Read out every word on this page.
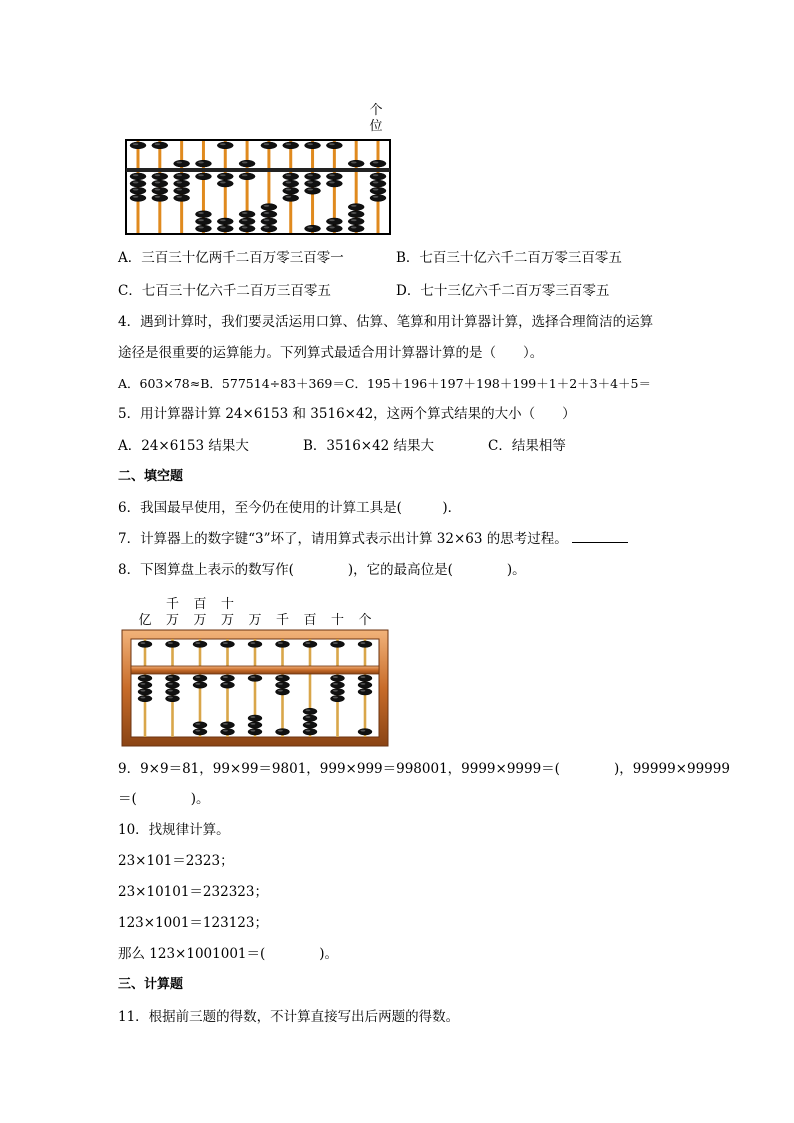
个
位
A．三百三十亿两千二百万零三百零一	B．七百三十亿六千二百万零三百零五
C．七百三十亿六千二百万三百零五	D．七十三亿六千二百万零三百零五
4．遇到计算时，我们要灵活运用口算、估算、笔算和用计算器计算，选择合理简洁的运算
途径是很重要的运算能力。下列算式最适合用计算器计算的是（　　）。
A．603×78≈B．577514÷83＋369＝C．195＋196＋197＋198＋199＋1＋2＋3＋4＋5＝
5．用计算器计算 24×6153 和 3516×42，这两个算式结果的大小（　　）
A．24×6153 结果大	B．3516×42 结果大	C．结果相等
二、填空题
6．我国最早使用，至今仍在使用的计算工具是(　　　)．
7．计算器上的数字键“3”坏了，请用算式表示出计算 32×63 的思考过程。
8．下图算盘上表示的数写作(　　　　)，它的最高位是(　　　　)。
亿
千
万
百
万
十
万 万 千 百 十 个
9．9×9＝81，99×99＝9801，999×999＝998001，9999×9999＝(　　　　)，99999×99999
＝(　　　　)。
10．找规律计算。
23×101＝2323；
23×10101＝232323；
123×1001＝123123；
那么 123×1001001＝(　　　　)。
三、计算题
11．根据前三题的得数，不计算直接写出后两题的得数。
